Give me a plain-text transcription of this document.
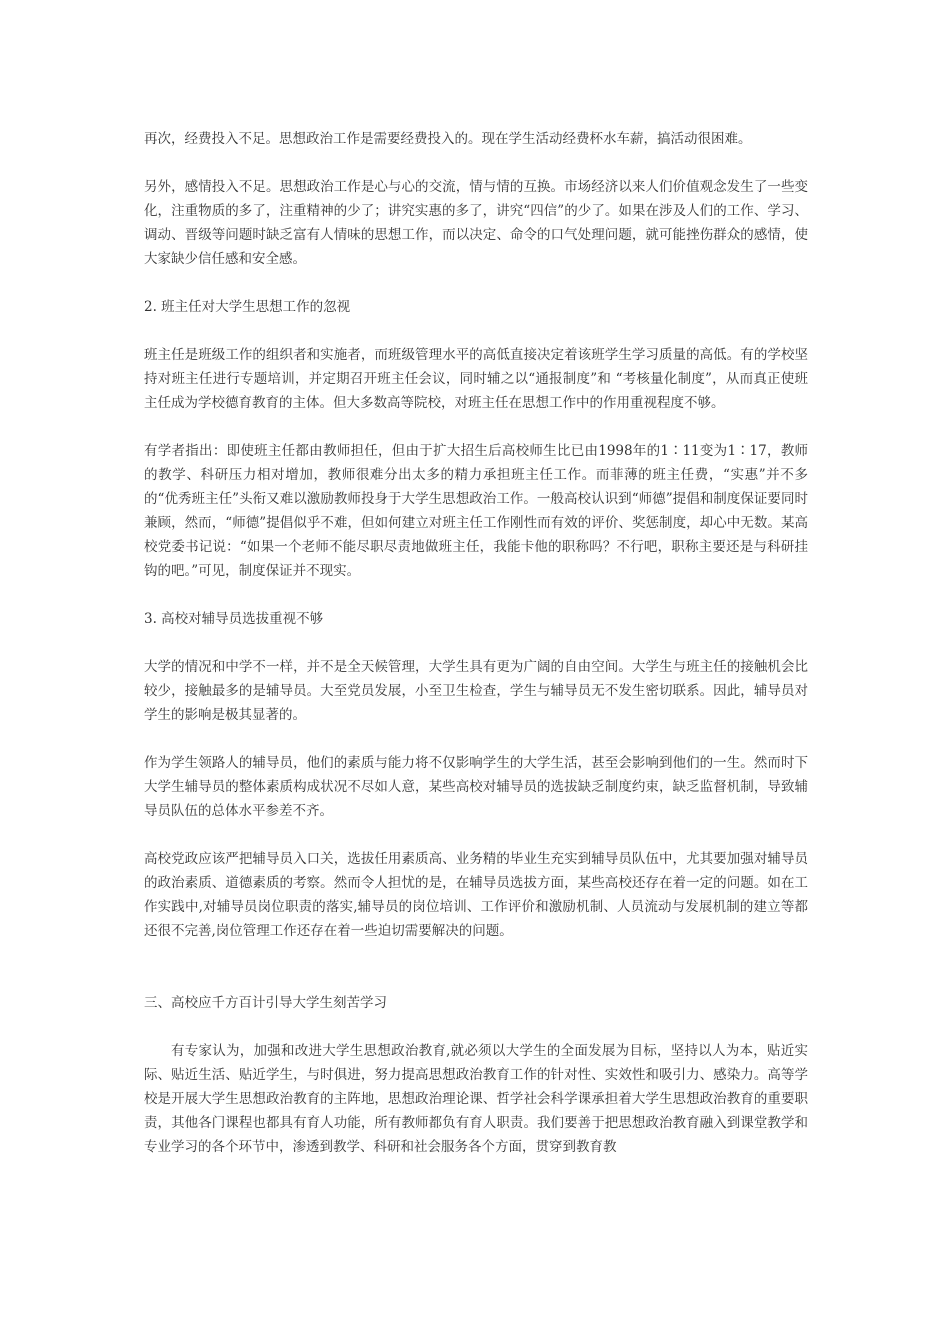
再次，经费投入不足。思想政治工作是需要经费投入的。现在学生活动经费杯水车薪，搞活动很困难。

另外，感情投入不足。思想政治工作是心与心的交流，情与情的互换。市场经济以来人们价值观念发生了一些变化，注重物质的多了，注重精神的少了；讲究实惠的多了，讲究“四信”的少了。如果在涉及人们的工作、学习、调动、晋级等问题时缺乏富有人情味的思想工作，而以决定、命令的口气处理问题，就可能挫伤群众的感情，使大家缺少信任感和安全感。

2. 班主任对大学生思想工作的忽视

班主任是班级工作的组织者和实施者，而班级管理水平的高低直接决定着该班学生学习质量的高低。有的学校坚持对班主任进行专题培训，并定期召开班主任会议，同时辅之以“通报制度”和 “考核量化制度”，从而真正使班主任成为学校德育教育的主体。但大多数高等院校，对班主任在思想工作中的作用重视程度不够。

有学者指出：即使班主任都由教师担任，但由于扩大招生后高校师生比已由1998年的1∶11变为1∶17，教师的教学、科研压力相对增加，教师很难分出太多的精力承担班主任工作。而菲薄的班主任费，“实惠”并不多的“优秀班主任”头衔又难以激励教师投身于大学生思想政治工作。一般高校认识到“师德”提倡和制度保证要同时兼顾，然而，“师德”提倡似乎不难，但如何建立对班主任工作刚性而有效的评价、奖惩制度，却心中无数。某高校党委书记说：“如果一个老师不能尽职尽责地做班主任，我能卡他的职称吗？不行吧，职称主要还是与科研挂钩的吧。”可见，制度保证并不现实。

3. 高校对辅导员选拔重视不够

大学的情况和中学不一样，并不是全天候管理，大学生具有更为广阔的自由空间。大学生与班主任的接触机会比较少，接触最多的是辅导员。大至党员发展，小至卫生检查，学生与辅导员无不发生密切联系。因此，辅导员对学生的影响是极其显著的。

作为学生领路人的辅导员，他们的素质与能力将不仅影响学生的大学生活，甚至会影响到他们的一生。然而时下大学生辅导员的整体素质构成状况不尽如人意，某些高校对辅导员的选拔缺乏制度约束，缺乏监督机制，导致辅导员队伍的总体水平参差不齐。

高校党政应该严把辅导员入口关，选拔任用素质高、业务精的毕业生充实到辅导员队伍中，尤其要加强对辅导员的政治素质、道德素质的考察。然而令人担忧的是，在辅导员选拔方面，某些高校还存在着一定的问题。如在工作实践中,对辅导员岗位职责的落实,辅导员的岗位培训、工作评价和激励机制、人员流动与发展机制的建立等都还很不完善,岗位管理工作还存在着一些迫切需要解决的问题。

三、高校应千方百计引导大学生刻苦学习

有专家认为，加强和改进大学生思想政治教育,就必须以大学生的全面发展为目标，坚持以人为本，贴近实际、贴近生活、贴近学生，与时俱进，努力提高思想政治教育工作的针对性、实效性和吸引力、感染力。高等学校是开展大学生思想政治教育的主阵地，思想政治理论课、哲学社会科学课承担着大学生思想政治教育的重要职责，其他各门课程也都具有育人功能，所有教师都负有育人职责。我们要善于把思想政治教育融入到课堂教学和专业学习的各个环节中，渗透到教学、科研和社会服务各个方面，贯穿到教育教
